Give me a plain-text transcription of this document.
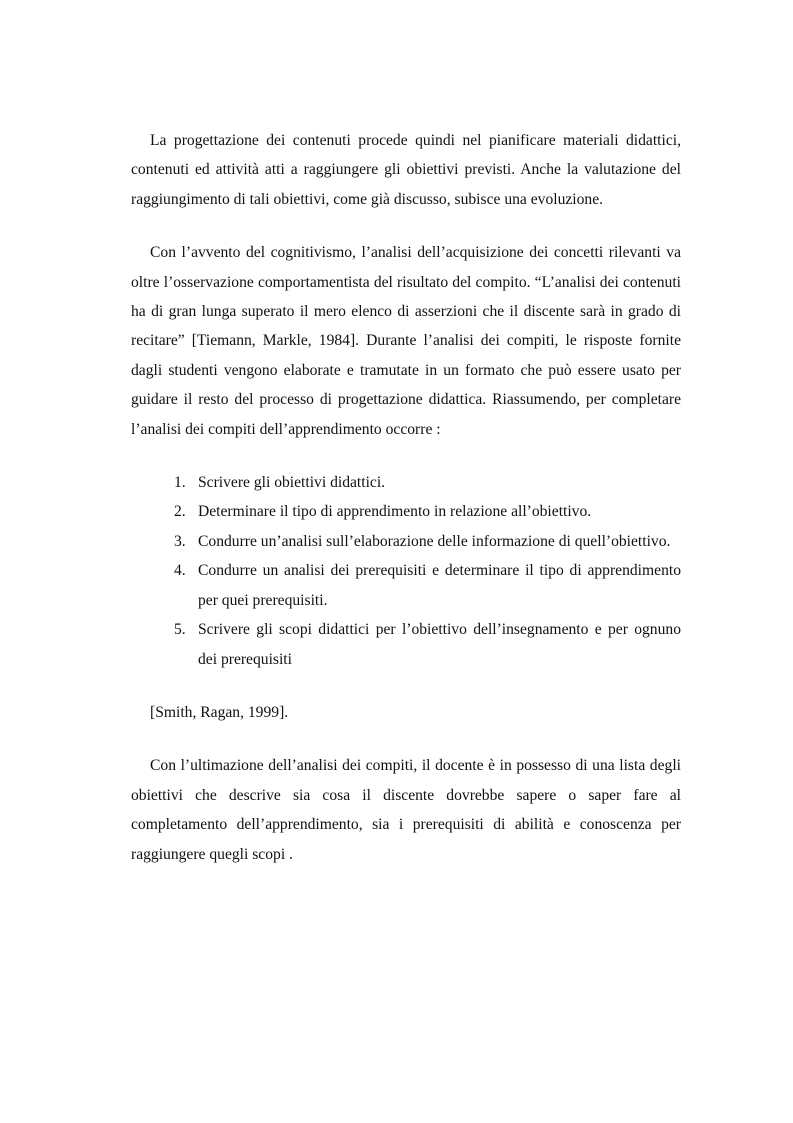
La progettazione dei contenuti procede quindi nel pianificare materiali didattici, contenuti ed attività atti a raggiungere gli obiettivi previsti. Anche la valutazione del raggiungimento di tali obiettivi, come già discusso, subisce una evoluzione.

Con l’avvento del cognitivismo, l’analisi dell’acquisizione dei concetti rilevanti va oltre l’osservazione comportamentista del risultato del compito. “L’analisi dei contenuti ha di gran lunga superato il mero elenco di asserzioni che il discente sarà in grado di recitare” [Tiemann, Markle, 1984]. Durante l’analisi dei compiti, le risposte fornite dagli studenti vengono elaborate e tramutate in un formato che può essere usato per guidare il resto del processo di progettazione didattica. Riassumendo, per completare l’analisi dei compiti dell’apprendimento occorre :

1. Scrivere gli obiettivi didattici.
2. Determinare il tipo di apprendimento in relazione all’obiettivo.
3. Condurre un’analisi sull’elaborazione delle informazione di quell’obiettivo.
4. Condurre un analisi dei prerequisiti e determinare il tipo di apprendimento per quei prerequisiti.
5. Scrivere gli scopi didattici per l’obiettivo dell’insegnamento e per ognuno dei prerequisiti

[Smith, Ragan, 1999].

Con l’ultimazione dell’analisi dei compiti, il docente è in possesso di una lista degli obiettivi che descrive sia cosa il discente dovrebbe sapere o saper fare al completamento dell’apprendimento, sia i prerequisiti di abilità e conoscenza per raggiungere quegli scopi .
